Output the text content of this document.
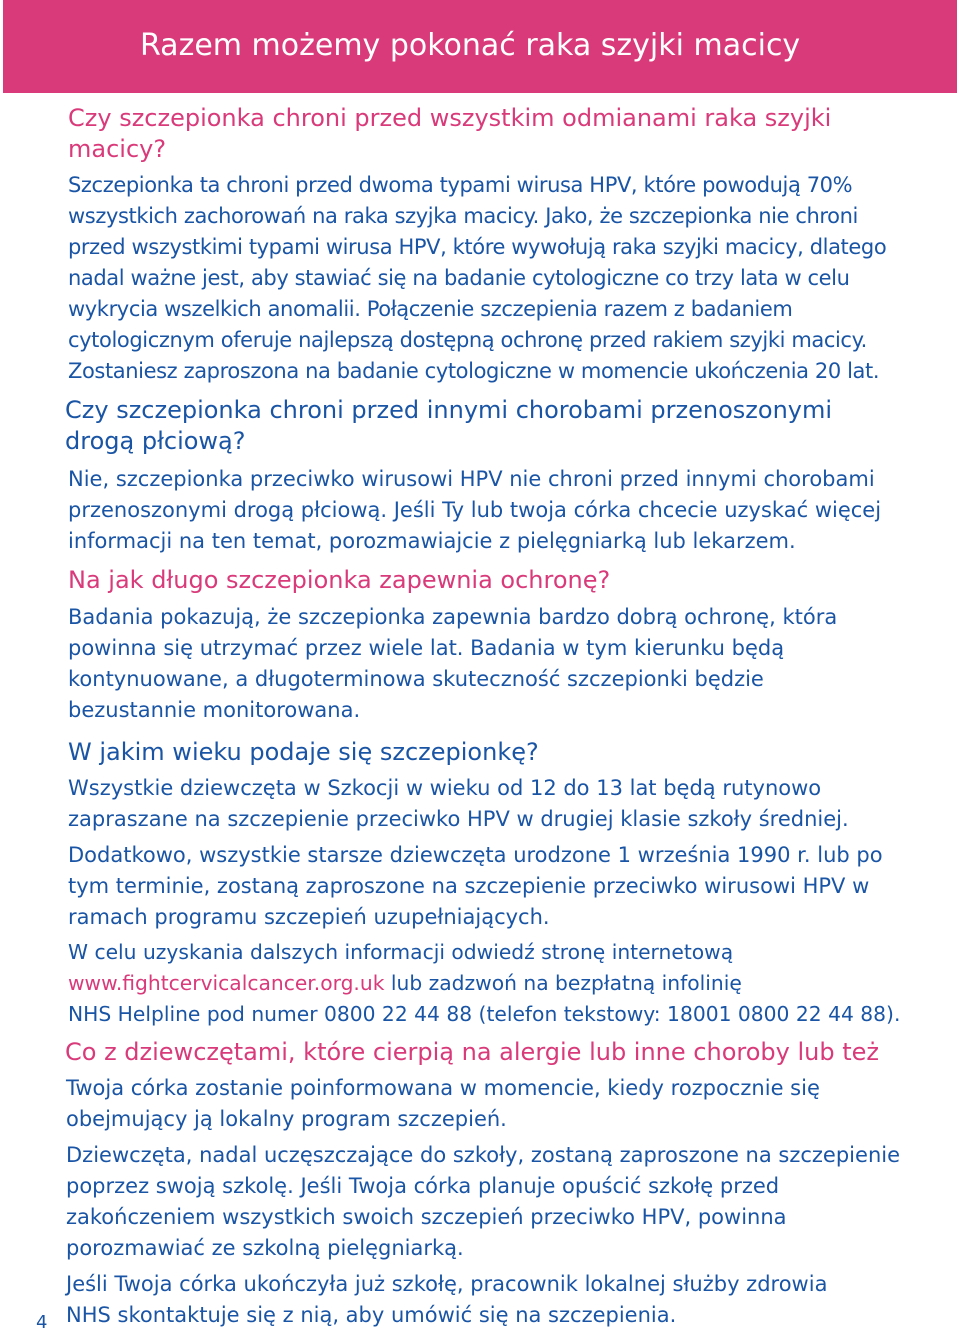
Razem możemy pokonać raka szyjki macicy
Czy szczepionka chroni przed wszystkim odmianami raka szyjki
macicy?
Szczepionka ta chroni przed dwoma typami wirusa HPV, które powodują 70%
wszystkich zachorowań na raka szyjka macicy. Jako, że szczepionka nie chroni
przed wszystkimi typami wirusa HPV, które wywołują raka szyjki macicy, dlatego
nadal ważne jest, aby stawiać się na badanie cytologiczne co trzy lata w celu
wykrycia wszelkich anomalii. Połączenie szczepienia razem z badaniem
cytologicznym oferuje najlepszą dostępną ochronę przed rakiem szyjki macicy.
Zostaniesz zaproszona na badanie cytologiczne w momencie ukończenia 20 lat.
Czy szczepionka chroni przed innymi chorobami przenoszonymi
drogą płciową?
Nie, szczepionka przeciwko wirusowi HPV nie chroni przed innymi chorobami
przenoszonymi drogą płciową. Jeśli Ty lub twoja córka chcecie uzyskać więcej
informacji na ten temat, porozmawiajcie z pielęgniarką lub lekarzem.
Na jak długo szczepionka zapewnia ochronę?
Badania pokazują, że szczepionka zapewnia bardzo dobrą ochronę, która
powinna się utrzymać przez wiele lat. Badania w tym kierunku będą
kontynuowane, a długoterminowa skuteczność szczepionki będzie
bezustannie monitorowana.
W jakim wieku podaje się szczepionkę?
Wszystkie dziewczęta w Szkocji w wieku od 12 do 13 lat będą rutynowo
zapraszane na szczepienie przeciwko HPV w drugiej klasie szkoły średniej.
Dodatkowo, wszystkie starsze dziewczęta urodzone 1 września 1990 r. lub po
tym terminie, zostaną zaproszone na szczepienie przeciwko wirusowi HPV w
ramach programu szczepień uzupełniających.
W celu uzyskania dalszych informacji odwiedź stronę internetową
www.fightcervicalcancer.org.uk lub zadzwoń na bezpłatną infolinię
NHS Helpline pod numer 0800 22 44 88 (telefon tekstowy: 18001 0800 22 44 88).
Co z dziewczętami, które cierpią na alergie lub inne choroby lub też
Twoja córka zostanie poinformowana w momencie, kiedy rozpocznie się
obejmujący ją lokalny program szczepień.
Dziewczęta, nadal uczęszczające do szkoły, zostaną zaproszone na szczepienie
poprzez swoją szkolę. Jeśli Twoja córka planuje opuścić szkołę przed
zakończeniem wszystkich swoich szczepień przeciwko HPV, powinna
porozmawiać ze szkolną pielęgniarką.
Jeśli Twoja córka ukończyła już szkołę, pracownik lokalnej służby zdrowia
NHS skontaktuje się z nią, aby umówić się na szczepienia.
4
